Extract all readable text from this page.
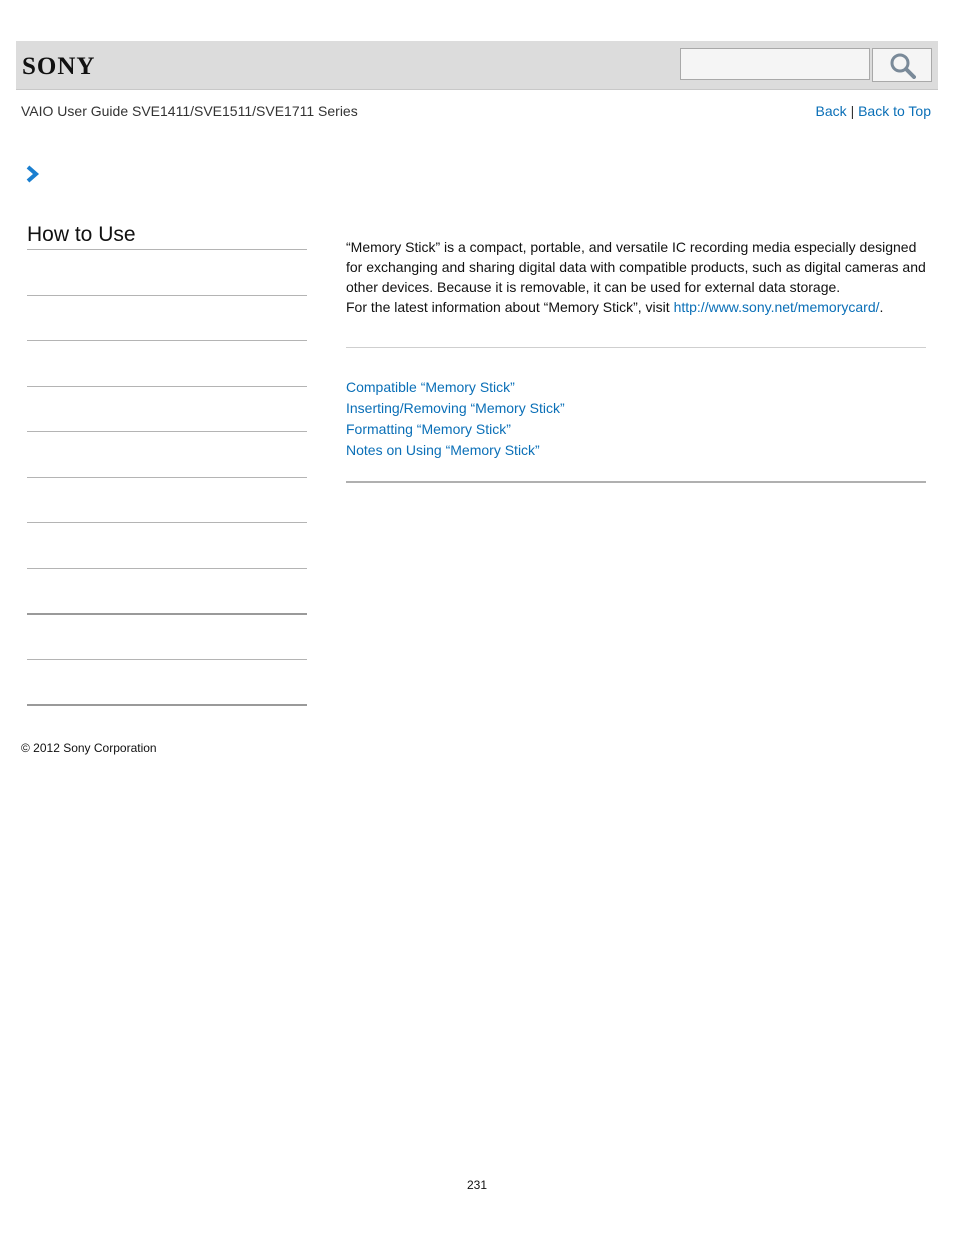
SONY
VAIO User Guide SVE1411/SVE1511/SVE1711 Series	Back | Back to Top
How to Use
“Memory Stick” is a compact, portable, and versatile IC recording media especially designed for exchanging and sharing digital data with compatible products, such as digital cameras and other devices. Because it is removable, it can be used for external data storage.
For the latest information about “Memory Stick”, visit http://www.sony.net/memorycard/.
Compatible “Memory Stick”
Inserting/Removing “Memory Stick”
Formatting “Memory Stick”
Notes on Using “Memory Stick”
© 2012 Sony Corporation
231
